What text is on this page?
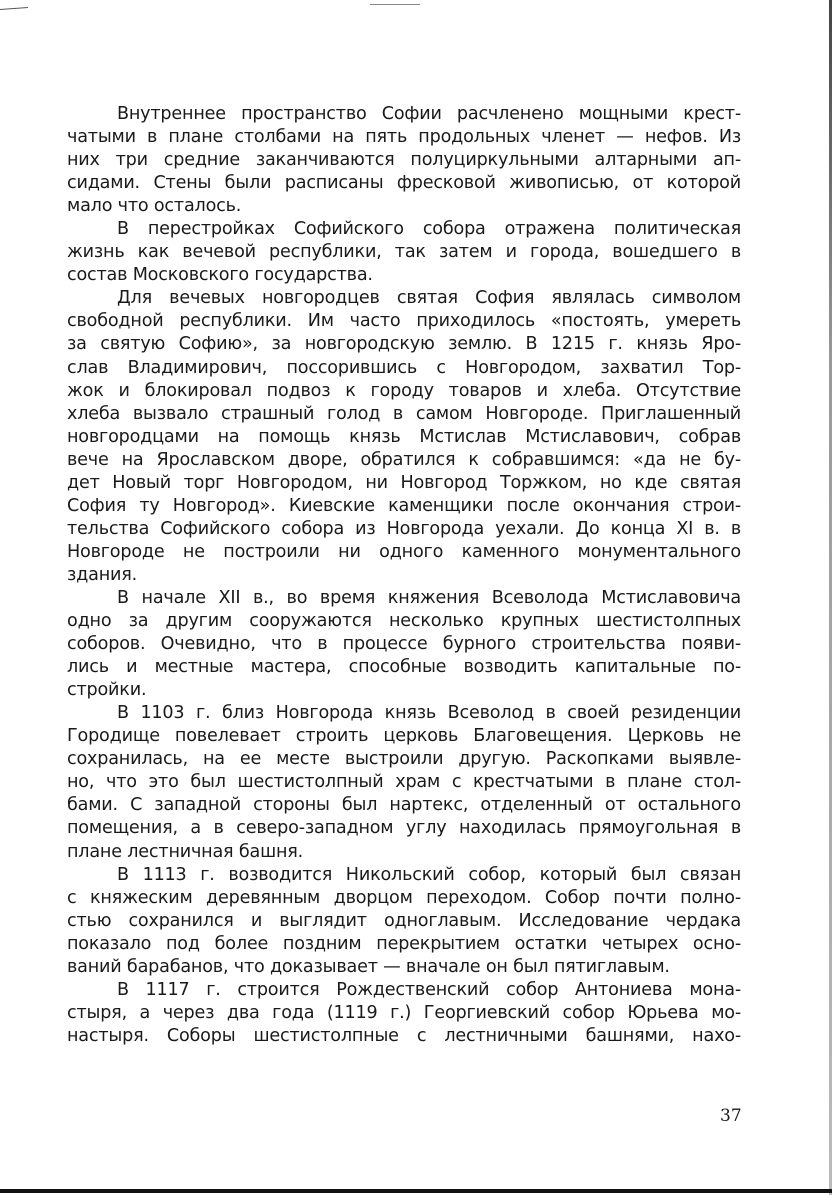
Внутреннее пространство Софии расчленено мощными крест-
чатыми в плане столбами на пять продольных членет — нефов. Из
них три средние заканчиваются полуциркульными алтарными ап-
сидами. Стены были расписаны фресковой живописью, от которой
мало что осталось.
В перестройках Софийского собора отражена политическая
жизнь как вечевой республики, так затем и города, вошедшего в
состав Московского государства.
Для вечевых новгородцев святая София являлась символом
свободной республики. Им часто приходилось «постоять, умереть
за святую Софию», за новгородскую землю. В 1215 г. князь Яро-
слав Владимирович, поссорившись с Новгородом, захватил Тор-
жок и блокировал подвоз к городу товаров и хлеба. Отсутствие
хлеба вызвало страшный голод в самом Новгороде. Приглашенный
новгородцами на помощь князь Мстислав Мстиславович, собрав
вече на Ярославском дворе, обратился к собравшимся: «да не бу-
дет Новый торг Новгородом, ни Новгород Торжком, но кде святая
София ту Новгород». Киевские каменщики после окончания строи-
тельства Софийского собора из Новгорода уехали. До конца XI в. в
Новгороде не построили ни одного каменного монументального
здания.
В начале XII в., во время княжения Всеволода Мстиславовича
одно за другим сооружаются несколько крупных шестистолпных
соборов. Очевидно, что в процессе бурного строительства появи-
лись и местные мастера, способные возводить капитальные по-
стройки.
В 1103 г. близ Новгорода князь Всеволод в своей резиденции
Городище повелевает строить церковь Благовещения. Церковь не
сохранилась, на ее месте выстроили другую. Раскопками выявле-
но, что это был шестистолпный храм с крестчатыми в плане стол-
бами. С западной стороны был нартекс, отделенный от остального
помещения, а в северо-западном углу находилась прямоугольная в
плане лестничная башня.
В 1113 г. возводится Никольский собор, который был связан
с княжеским деревянным дворцом переходом. Собор почти полно-
стью сохранился и выглядит одноглавым. Исследование чердака
показало под более поздним перекрытием остатки четырех осно-
ваний барабанов, что доказывает — вначале он был пятиглавым.
В 1117 г. строится Рождественский собор Антониева мона-
стыря, а через два года (1119 г.) Георгиевский собор Юрьева мо-
настыря. Соборы шестистолпные с лестничными башнями, нахо-
37
